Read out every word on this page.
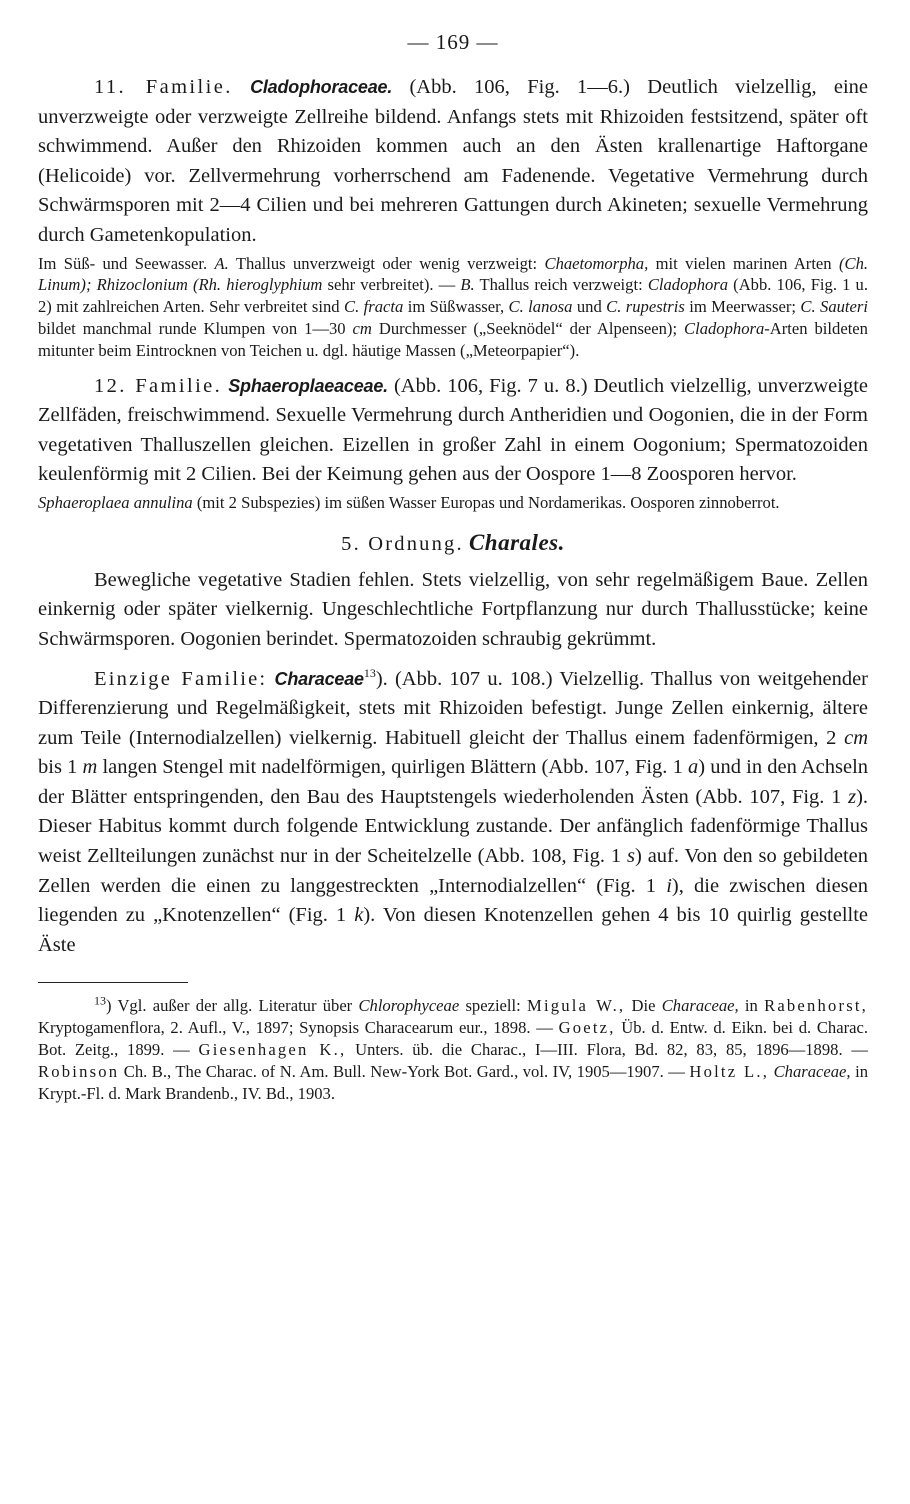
— 169 —

11. Familie. Cladophoraceae. (Abb. 106, Fig. 1—6.) Deutlich vielzellig, eine unverzweigte oder verzweigte Zellreihe bildend. Anfangs stets mit Rhizoiden festsitzend, später oft schwimmend. Außer den Rhizoiden kommen auch an den Ästen krallenartige Haftorgane (Helicoide) vor. Zellvermehrung vorherrschend am Fadenende. Vegetative Vermehrung durch Schwärmsporen mit 2—4 Cilien und bei mehreren Gattungen durch Akineten; sexuelle Vermehrung durch Gametenkopulation.

Im Süß- und Seewasser. A. Thallus unverzweigt oder wenig verzweigt: Chaetomorpha, mit vielen marinen Arten (Ch. Linum); Rhizoclonium (Rh. hieroglyphium sehr verbreitet). — B. Thallus reich verzweigt: Cladophora (Abb. 106, Fig. 1 u. 2) mit zahlreichen Arten. Sehr verbreitet sind C. fracta im Süßwasser, C. lanosa und C. rupestris im Meerwasser; C. Sauteri bildet manchmal runde Klumpen von 1—30 cm Durchmesser („Seeknödel“ der Alpenseen); Cladophora-Arten bildeten mitunter beim Eintrocknen von Teichen u. dgl. häutige Massen („Meteorpapier“).

12. Familie. Sphaeroplaeaceae. (Abb. 106, Fig. 7 u. 8.) Deutlich vielzellig, unverzweigte Zellfäden, freischwimmend. Sexuelle Vermehrung durch Antheridien und Oogonien, die in der Form vegetativen Thalluszellen gleichen. Eizellen in großer Zahl in einem Oogonium; Spermatozoiden keulenförmig mit 2 Cilien. Bei der Keimung gehen aus der Oospore 1—8 Zoosporen hervor.

Sphaeroplaea annulina (mit 2 Subspezies) im süßen Wasser Europas und Nordamerikas. Oosporen zinnoberrot.

5. Ordnung. Charales.

Bewegliche vegetative Stadien fehlen. Stets vielzellig, von sehr regelmäßigem Baue. Zellen einkernig oder später vielkernig. Ungeschlechtliche Fortpflanzung nur durch Thallusstücke; keine Schwärmsporen. Oogonien berindet. Spermatozoiden schraubig gekrümmt.

Einzige Familie: Characeae$^{13}$). (Abb. 107 u. 108.) Vielzellig. Thallus von weitgehender Differenzierung und Regelmäßigkeit, stets mit Rhizoiden befestigt. Junge Zellen einkernig, ältere zum Teile (Internodialzellen) vielkernig. Habituell gleicht der Thallus einem fadenförmigen, 2 cm bis 1 m langen Stengel mit nadelförmigen, quirligen Blättern (Abb. 107, Fig. 1 a) und in den Achseln der Blätter entspringenden, den Bau des Hauptstengels wiederholenden Ästen (Abb. 107, Fig. 1 z). Dieser Habitus kommt durch folgende Entwicklung zustande. Der anfänglich fadenförmige Thallus weist Zellteilungen zunächst nur in der Scheitelzelle (Abb. 108, Fig. 1 s) auf. Von den so gebildeten Zellen werden die einen zu langgestreckten „Internodialzellen“ (Fig. 1 i), die zwischen diesen liegenden zu „Knotenzellen“ (Fig. 1 k). Von diesen Knotenzellen gehen 4 bis 10 quirlig gestellte Äste

$^{13}$) Vgl. außer der allg. Literatur über Chlorophyceae speziell: Migula W., Die Characeae, in Rabenhorst, Kryptogamenflora, 2. Aufl., V., 1897; Synopsis Characearum eur., 1898. — Goetz, Üb. d. Entw. d. Eikn. bei d. Charac. Bot. Zeitg., 1899. — Giesenhagen K., Unters. üb. die Charac., I—III. Flora, Bd. 82, 83, 85, 1896—1898. — Robinson Ch. B., The Charac. of N. Am. Bull. New-York Bot. Gard., vol. IV, 1905—1907. — Holtz L., Characeae, in Krypt.-Fl. d. Mark Brandenb., IV. Bd., 1903.
